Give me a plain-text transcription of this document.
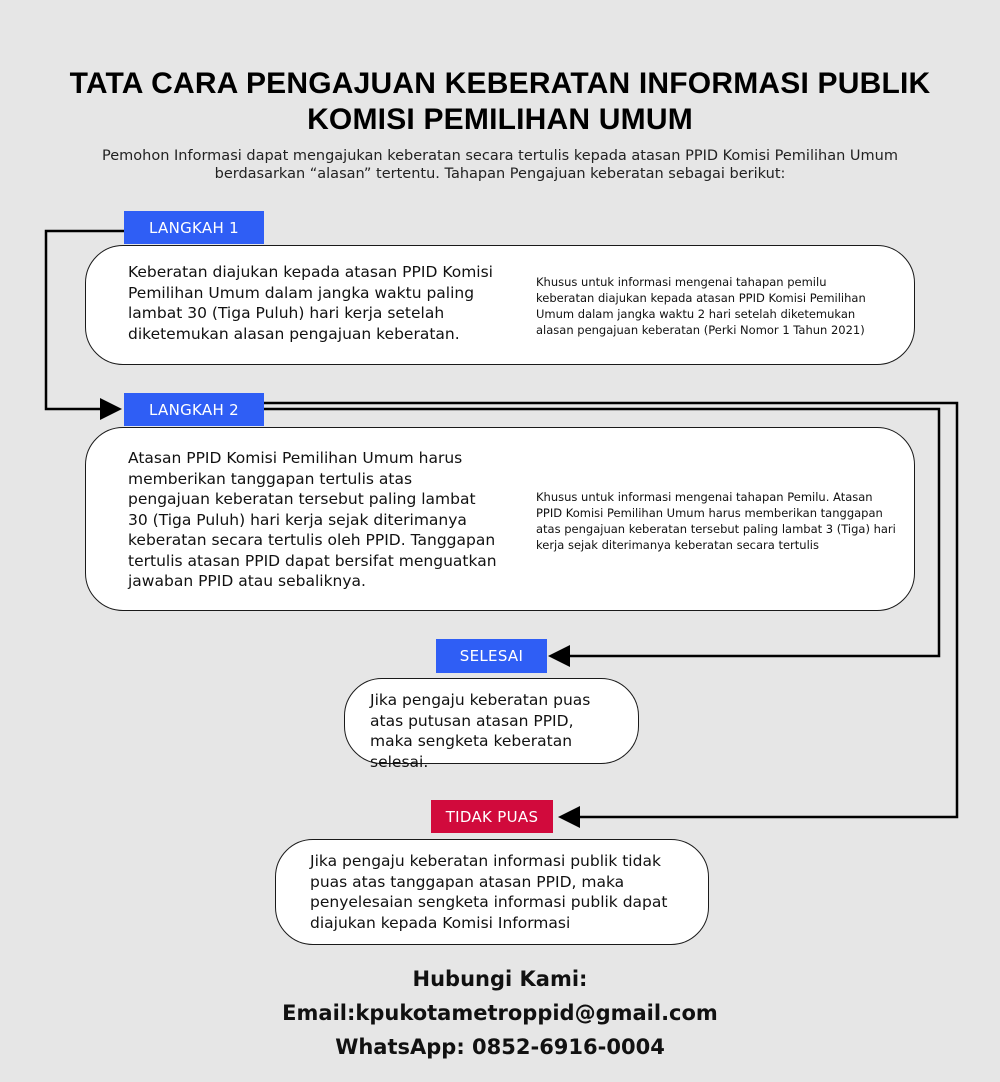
TATA CARA PENGAJUAN KEBERATAN INFORMASI PUBLIK
KOMISI PEMILIHAN UMUM
Pemohon Informasi dapat mengajukan keberatan secara tertulis kepada atasan PPID Komisi Pemilihan Umum berdasarkan “alasan” tertentu. Tahapan Pengajuan keberatan sebagai berikut:
LANGKAH 1
Keberatan diajukan kepada atasan PPID Komisi Pemilihan Umum dalam jangka waktu paling lambat 30 (Tiga Puluh) hari kerja setelah diketemukan alasan pengajuan keberatan.
Khusus untuk informasi mengenai tahapan pemilu keberatan diajukan kepada atasan PPID Komisi Pemilihan Umum dalam jangka waktu 2 hari setelah diketemukan alasan pengajuan keberatan (Perki Nomor 1 Tahun 2021)
LANGKAH 2
Atasan PPID Komisi Pemilihan Umum harus memberikan tanggapan tertulis atas pengajuan keberatan tersebut paling lambat 30 (Tiga Puluh) hari kerja sejak diterimanya keberatan secara tertulis oleh PPID. Tanggapan tertulis atasan PPID dapat bersifat menguatkan jawaban PPID atau sebaliknya.
Khusus untuk informasi mengenai tahapan Pemilu. Atasan PPID Komisi Pemilihan Umum harus memberikan tanggapan atas pengajuan keberatan tersebut paling lambat 3 (Tiga) hari kerja sejak diterimanya keberatan secara tertulis
SELESAI
Jika pengaju keberatan puas atas putusan atasan PPID, maka sengketa keberatan selesai.
TIDAK PUAS
Jika pengaju keberatan informasi publik tidak puas atas tanggapan atasan PPID, maka penyelesaian sengketa informasi publik dapat diajukan kepada Komisi Informasi
Hubungi Kami:
Email:kpukotametroppid@gmail.com
WhatsApp: 0852-6916-0004
